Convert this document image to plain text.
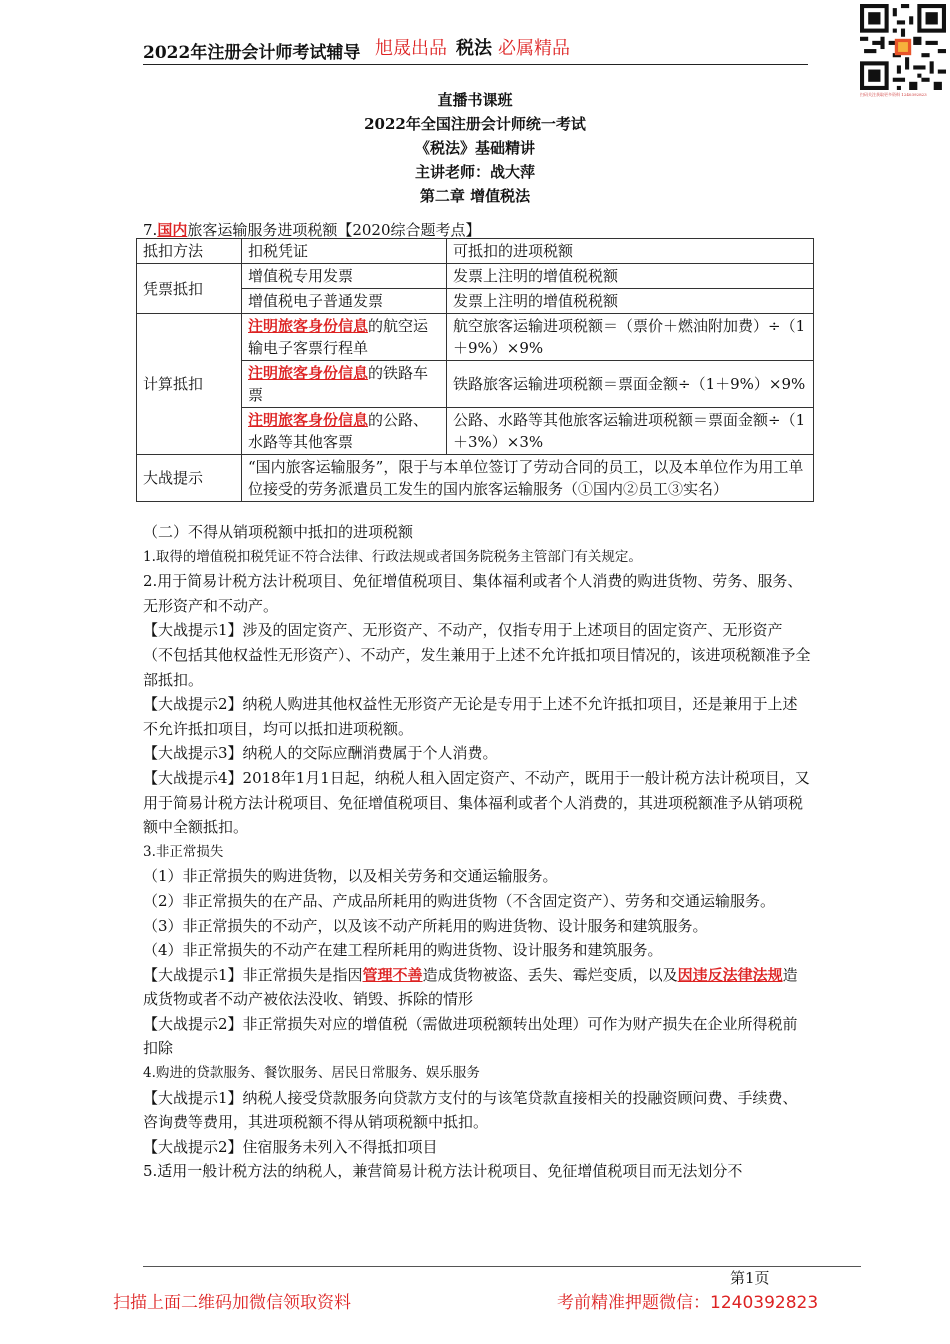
2022年注册会计师考试辅导 旭晟出品 税法 必属精品
扫码关注获取更多资料 1240392823
直播书课班
2022年全国注册会计师统一考试
《税法》基础精讲
主讲老师：战大萍
第二章 增值税法
7.国内旅客运输服务进项税额【2020综合题考点】
抵扣方法	扣税凭证	可抵扣的进项税额
凭票抵扣	增值税专用发票	发票上注明的增值税税额
	增值税电子普通发票	发票上注明的增值税税额
计算抵扣	注明旅客身份信息的航空运输电子客票行程单	航空旅客运输进项税额＝（票价＋燃油附加费）÷（1＋9%）×9%
	注明旅客身份信息的铁路车票	铁路旅客运输进项税额＝票面金额÷（1＋9%）×9%
	注明旅客身份信息的公路、水路等其他客票	公路、水路等其他旅客运输进项税额＝票面金额÷（1＋3%）×3%
大战提示	“国内旅客运输服务”，限于与本单位签订了劳动合同的员工，以及本单位作为用工单位接受的劳务派遣员工发生的国内旅客运输服务（①国内②员工③实名）	

（二）不得从销项税额中抵扣的进项税额

1.取得的增值税扣税凭证不符合法律、行政法规或者国务院税务主管部门有关规定。

2.用于简易计税方法计税项目、免征增值税项目、集体福利或者个人消费的购进货物、劳务、服务、无形资产和不动产。

【大战提示1】涉及的固定资产、无形资产、不动产，仅指专用于上述项目的固定资产、无形资产（不包括其他权益性无形资产）、不动产，发生兼用于上述不允许抵扣项目情况的，该进项税额准予全部抵扣。

【大战提示2】纳税人购进其他权益性无形资产无论是专用于上述不允许抵扣项目，还是兼用于上述不允许抵扣项目，均可以抵扣进项税额。

【大战提示3】纳税人的交际应酬消费属于个人消费。

【大战提示4】2018年1月1日起，纳税人租入固定资产、不动产，既用于一般计税方法计税项目，又用于简易计税方法计税项目、免征增值税项目、集体福利或者个人消费的，其进项税额准予从销项税额中全额抵扣。

3.非正常损失

（1）非正常损失的购进货物，以及相关劳务和交通运输服务。

（2）非正常损失的在产品、产成品所耗用的购进货物（不含固定资产）、劳务和交通运输服务。

（3）非正常损失的不动产，以及该不动产所耗用的购进货物、设计服务和建筑服务。

（4）非正常损失的不动产在建工程所耗用的购进货物、设计服务和建筑服务。

【大战提示1】非正常损失是指因管理不善造成货物被盗、丢失、霉烂变质，以及因违反法律法规造成货物或者不动产被依法没收、销毁、拆除的情形

【大战提示2】非正常损失对应的增值税（需做进项税额转出处理）可作为财产损失在企业所得税前扣除

4.购进的贷款服务、餐饮服务、居民日常服务、娱乐服务

【大战提示1】纳税人接受贷款服务向贷款方支付的与该笔贷款直接相关的投融资顾问费、手续费、咨询费等费用，其进项税额不得从销项税额中抵扣。

【大战提示2】住宿服务未列入不得抵扣项目

5.适用一般计税方法的纳税人，兼营简易计税方法计税项目、免征增值税项目而无法划分不

第1页
扫描上面二维码加微信领取资料	考前精准押题微信：1240392823
